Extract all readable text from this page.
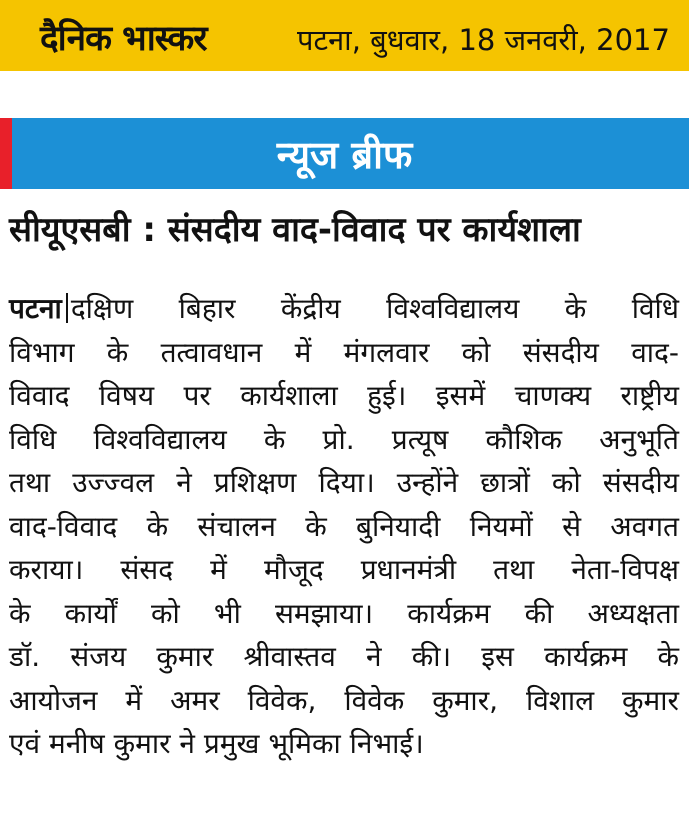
दैनिक भास्कर	पटना, बुधवार, 18 जनवरी, 2017
न्यूज ब्रीफ
सीयूएसबी : संसदीय वाद-विवाद पर कार्यशाला
पटना दक्षिण बिहार केंद्रीय विश्वविद्यालय के विधि
विभाग के तत्वावधान में मंगलवार को संसदीय वाद-
विवाद विषय पर कार्यशाला हुई। इसमें चाणक्य राष्ट्रीय
विधि विश्वविद्यालय के प्रो. प्रत्यूष कौशिक अनुभूति
तथा उज्ज्वल ने प्रशिक्षण दिया। उन्होंने छात्रों को संसदीय
वाद-विवाद के संचालन के बुनियादी नियमों से अवगत
कराया। संसद में मौजूद प्रधानमंत्री तथा नेता-विपक्ष
के कार्यों को भी समझाया। कार्यक्रम की अध्यक्षता
डॉ. संजय कुमार श्रीवास्तव ने की। इस कार्यक्रम के
आयोजन में अमर विवेक, विवेक कुमार, विशाल कुमार
एवं मनीष कुमार ने प्रमुख भूमिका निभाई।
